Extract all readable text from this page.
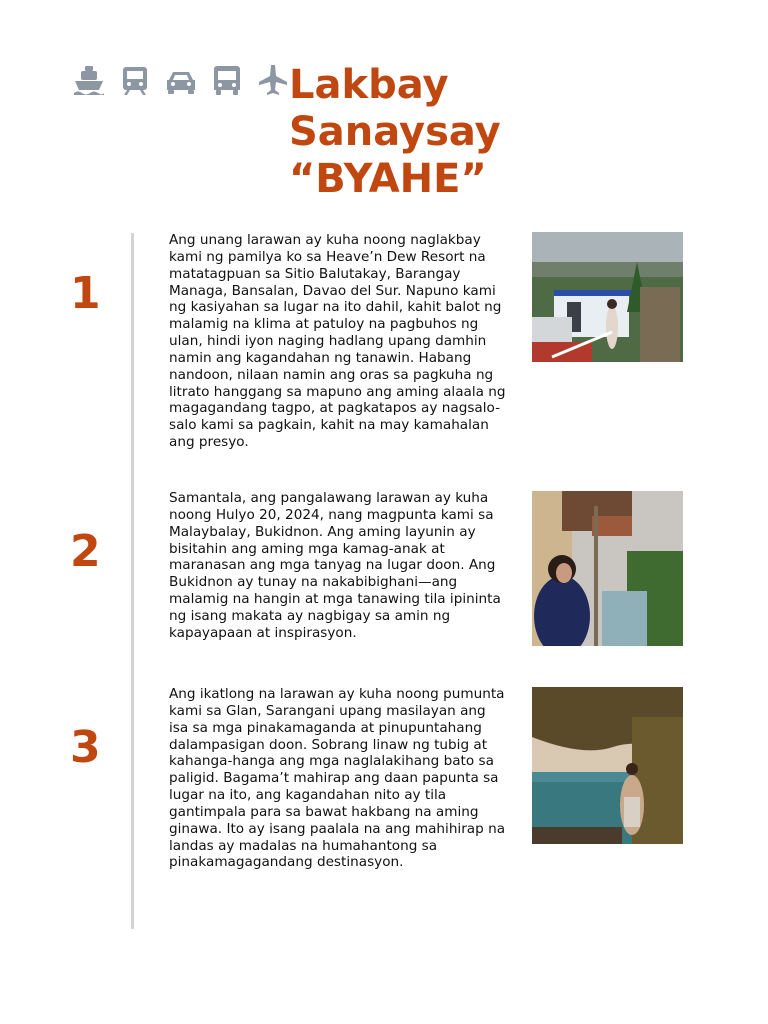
Lakbay
Sanaysay
“BYAHE”
1

Ang unang larawan ay kuha noong naglakbay kami ng pamilya ko sa Heave’n Dew Resort na matatagpuan sa Sitio Balutakay, Barangay Managa, Bansalan, Davao del Sur. Napuno kami ng kasiyahan sa lugar na ito dahil, kahit balot ng malamig na klima at patuloy na pagbuhos ng ulan, hindi iyon naging hadlang upang damhin namin ang kagandahan ng tanawin. Habang nandoon, nilaan namin ang oras sa pagkuha ng litrato hanggang sa mapuno ang aming alaala ng magagandang tagpo, at pagkatapos ay nagsalo-salo kami sa pagkain, kahit na may kamahalan ang presyo.

2

Samantala, ang pangalawang larawan ay kuha noong Hulyo 20, 2024, nang magpunta kami sa Malaybalay, Bukidnon. Ang aming layunin ay bisitahin ang aming mga kamag-anak at maranasan ang mga tanyag na lugar doon. Ang Bukidnon ay tunay na nakabibighani—ang malamig na hangin at mga tanawing tila ipininta ng isang makata ay nagbigay sa amin ng kapayapaan at inspirasyon.

3

Ang ikatlong na larawan ay kuha noong pumunta kami sa Glan, Sarangani upang masilayan ang isa sa mga pinakamaganda at pinupuntahang dalampasigan doon. Sobrang linaw ng tubig at kahanga-hanga ang mga naglalakihang bato sa paligid. Bagama’t mahirap ang daan papunta sa lugar na ito, ang kagandahan nito ay tila gantimpala para sa bawat hakbang na aming ginawa. Ito ay isang paalala na ang mahihirap na landas ay madalas na humahantong sa pinakamagagandang destinasyon.
